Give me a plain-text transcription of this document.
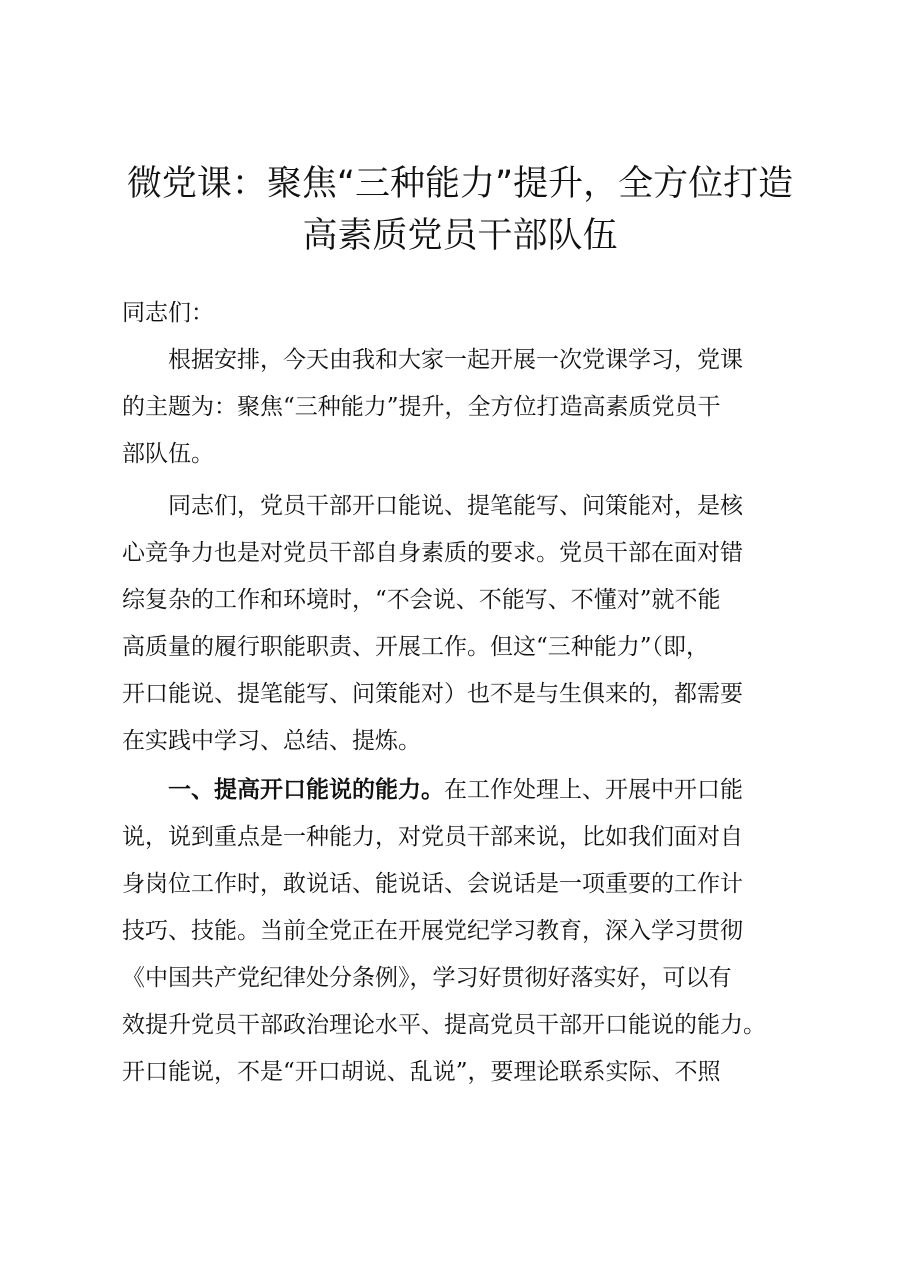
微党课：聚焦“三种能力”提升，全方位打造
高素质党员干部队伍
同志们：
　　根据安排，今天由我和大家一起开展一次党课学习，党课
的主题为：聚焦“三种能力”提升，全方位打造高素质党员干
部队伍。
　　同志们，党员干部开口能说、提笔能写、问策能对，是核
心竞争力也是对党员干部自身素质的要求。党员干部在面对错
综复杂的工作和环境时，“不会说、不能写、不懂对”就不能
高质量的履行职能职责、开展工作。但这“三种能力”（即，
开口能说、提笔能写、问策能对）也不是与生俱来的，都需要
在实践中学习、总结、提炼。
　　一、提高开口能说的能力。在工作处理上、开展中开口能
说，说到重点是一种能力，对党员干部来说，比如我们面对自
身岗位工作时，敢说话、能说话、会说话是一项重要的工作计
技巧、技能。当前全党正在开展党纪学习教育，深入学习贯彻
《中国共产党纪律处分条例》，学习好贯彻好落实好，可以有
效提升党员干部政治理论水平、提高党员干部开口能说的能力。
开口能说，不是“开口胡说、乱说”，要理论联系实际、不照
